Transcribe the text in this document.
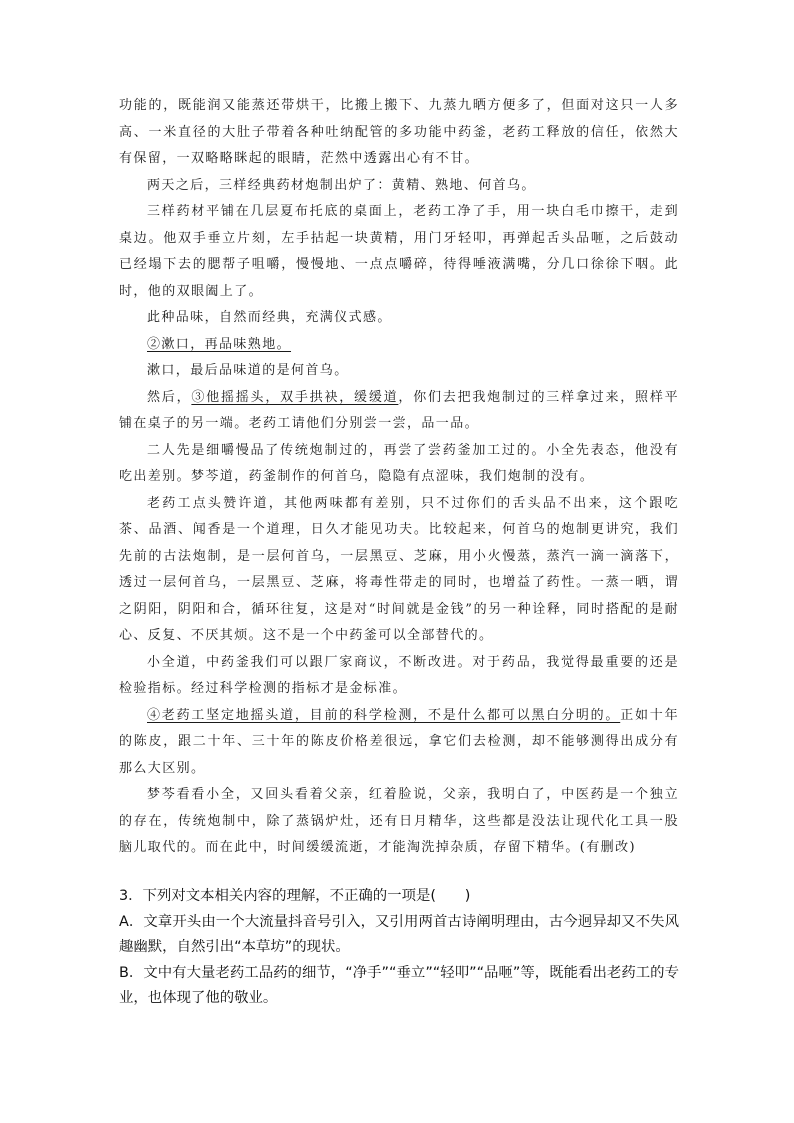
功能的，既能润又能蒸还带烘干，比搬上搬下、九蒸九晒方便多了，但面对这只一人多高、一米直径的大肚子带着各种吐纳配管的多功能中药釜，老药工释放的信任，依然大有保留，一双略略眯起的眼睛，茫然中透露出心有不甘。

两天之后，三样经典药材炮制出炉了：黄精、熟地、何首乌。

三样药材平铺在几层夏布托底的桌面上，老药工净了手，用一块白毛巾擦干，走到桌边。他双手垂立片刻，左手拈起一块黄精，用门牙轻叩，再弹起舌头品咂，之后鼓动已经塌下去的腮帮子咀嚼，慢慢地、一点点嚼碎，待得唾液满嘴，分几口徐徐下咽。此时，他的双眼阖上了。

此种品味，自然而经典，充满仪式感。

②漱口，再品味熟地。

漱口，最后品味道的是何首乌。

然后，③他摇摇头，双手拱袂，缓缓道，你们去把我炮制过的三样拿过来，照样平铺在桌子的另一端。老药工请他们分别尝一尝，品一品。

二人先是细嚼慢品了传统炮制过的，再尝了尝药釜加工过的。小全先表态，他没有吃出差别。梦芩道，药釜制作的何首乌，隐隐有点涩味，我们炮制的没有。

老药工点头赞许道，其他两味都有差别，只不过你们的舌头品不出来，这个跟吃茶、品酒、闻香是一个道理，日久才能见功夫。比较起来，何首乌的炮制更讲究，我们先前的古法炮制，是一层何首乌，一层黑豆、芝麻，用小火慢蒸，蒸汽一滴一滴落下，透过一层何首乌，一层黑豆、芝麻，将毒性带走的同时，也增益了药性。一蒸一晒，谓之阴阳，阴阳和合，循环往复，这是对“时间就是金钱”的另一种诠释，同时搭配的是耐心、反复、不厌其烦。这不是一个中药釜可以全部替代的。

小全道，中药釜我们可以跟厂家商议，不断改进。对于药品，我觉得最重要的还是检验指标。经过科学检测的指标才是金标准。

④老药工坚定地摇头道，目前的科学检测，不是什么都可以黑白分明的。正如十年的陈皮，跟二十年、三十年的陈皮价格差很远，拿它们去检测，却不能够测得出成分有那么大区别。

梦芩看看小全，又回头看着父亲，红着脸说，父亲，我明白了，中医药是一个独立的存在，传统炮制中，除了蒸锅炉灶，还有日月精华，这些都是没法让现代化工具一股脑儿取代的。而在此中，时间缓缓流逝，才能淘洗掉杂质，存留下精华。(有删改)

3．下列对文本相关内容的理解，不正确的一项是(　　)

A．文章开头由一个大流量抖音号引入，又引用两首古诗阐明理由，古今迥异却又不失风趣幽默，自然引出“本草坊”的现状。

B．文中有大量老药工品药的细节，“净手”“垂立”“轻叩”“品咂”等，既能看出老药工的专业，也体现了他的敬业。
